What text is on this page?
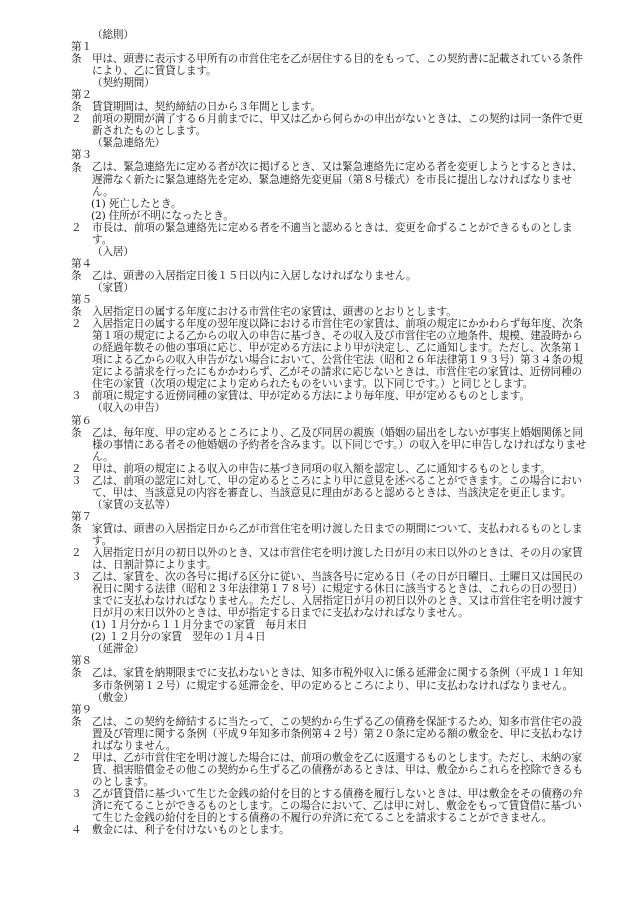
（総則）
第１条 甲は、頭書に表示する甲所有の市営住宅を乙が居住する目的をもって、この契約書に記載されている条件により、乙に賃貸します。
（契約期間）
第２条 賃貸期間は、契約締結の日から３年間とします。
２ 前項の期間が満了する６月前までに、甲又は乙から何らかの申出がないときは、この契約は同一条件で更新されたものとします。
（緊急連絡先）
第３条 乙は、緊急連絡先に定める者が次に掲げるとき、又は緊急連絡先に定める者を変更しようとするときは、遅滞なく新たに緊急連絡先を定め、緊急連絡先変更届（第８号様式）を市長に提出しなければなりません。
(1) 死亡したとき。
(2) 住所が不明になったとき。
２ 市長は、前項の緊急連絡先に定める者を不適当と認めるときは、変更を命ずることができるものとします。
（入居）
第４条 乙は、頭書の入居指定日後１５日以内に入居しなければなりません。
（家賃）
第５条 入居指定日の属する年度における市営住宅の家賃は、頭書のとおりとします。
２ 入居指定日の属する年度の翌年度以降における市営住宅の家賃は、前項の規定にかかわらず毎年度、次条第１項の規定による乙からの収入の申告に基づき、その収入及び市営住宅の立地条件、規模、建設時からの経過年数その他の事項に応じ、甲が定める方法により甲が決定し、乙に通知します。ただし、次条第１項による乙からの収入申告がない場合において、公営住宅法（昭和２６年法律第１９３号）第３４条の規定による請求を行ったにもかかわらず、乙がその請求に応じないときは、市営住宅の家賃は、近傍同種の住宅の家賃（次項の規定により定められたものをいいます。以下同じです。）と同じとします。
３ 前項に規定する近傍同種の家賃は、甲が定める方法により毎年度、甲が定めるものとします。
（収入の申告）
第６条 乙は、毎年度、甲の定めるところにより、乙及び同居の親族（婚姻の届出をしないが事実上婚姻関係と同様の事情にある者その他婚姻の予約者を含みます。以下同じです。）の収入を甲に申告しなければなりません。
２ 甲は、前項の規定による収入の申告に基づき同項の収入額を認定し、乙に通知するものとします。
３ 乙は、前項の認定に対して、甲の定めるところにより甲に意見を述べることができます。この場合において、甲は、当該意見の内容を審査し、当該意見に理由があると認めるときは、当該決定を更正します。
（家賃の支払等）
第７条 家賃は、頭書の入居指定日から乙が市営住宅を明け渡した日までの期間について、支払われるものとします。
２ 入居指定日が月の初日以外のとき、又は市営住宅を明け渡した日が月の末日以外のときは、その月の家賃は、日割計算によります。
３ 乙は、家賃を、次の各号に掲げる区分に従い、当該各号に定める日（その日が日曜日、土曜日又は国民の祝日に関する法律（昭和２３年法律第１７８号）に規定する休日に該当するときは、これらの日の翌日）までに支払わなければなりません。ただし、入居指定日が月の初日以外のとき、又は市営住宅を明け渡す日が月の末日以外のときは、甲が指定する日までに支払わなければなりません。
(1) １月分から１１月分までの家賃　毎月末日
(2) １２月分の家賃　翌年の１月４日
（延滞金）
第８条 乙は、家賃を納期限までに支払わないときは、知多市税外収入に係る延滞金に関する条例（平成１１年知多市条例第１２号）に規定する延滞金を、甲の定めるところにより、甲に支払わなければなりません。
（敷金）
第９条 乙は、この契約を締結するに当たって、この契約から生ずる乙の債務を保証するため、知多市営住宅の設置及び管理に関する条例（平成９年知多市条例第４２号）第２０条に定める額の敷金を、甲に支払わなければなりません。
２ 甲は、乙が市営住宅を明け渡した場合には、前項の敷金を乙に返還するものとします。ただし、未納の家賃、損害賠償金その他この契約から生ずる乙の債務があるときは、甲は、敷金からこれらを控除できるものとします。
３ 乙が賃貸借に基づいて生じた金銭の給付を目的とする債務を履行しないときは、甲は敷金をその債務の弁済に充てることができるものとします。この場合において、乙は甲に対し、敷金をもって賃貸借に基づいて生じた金銭の給付を目的とする債務の不履行の弁済に充てることを請求することができません。
４ 敷金には、利子を付けないものとします。
